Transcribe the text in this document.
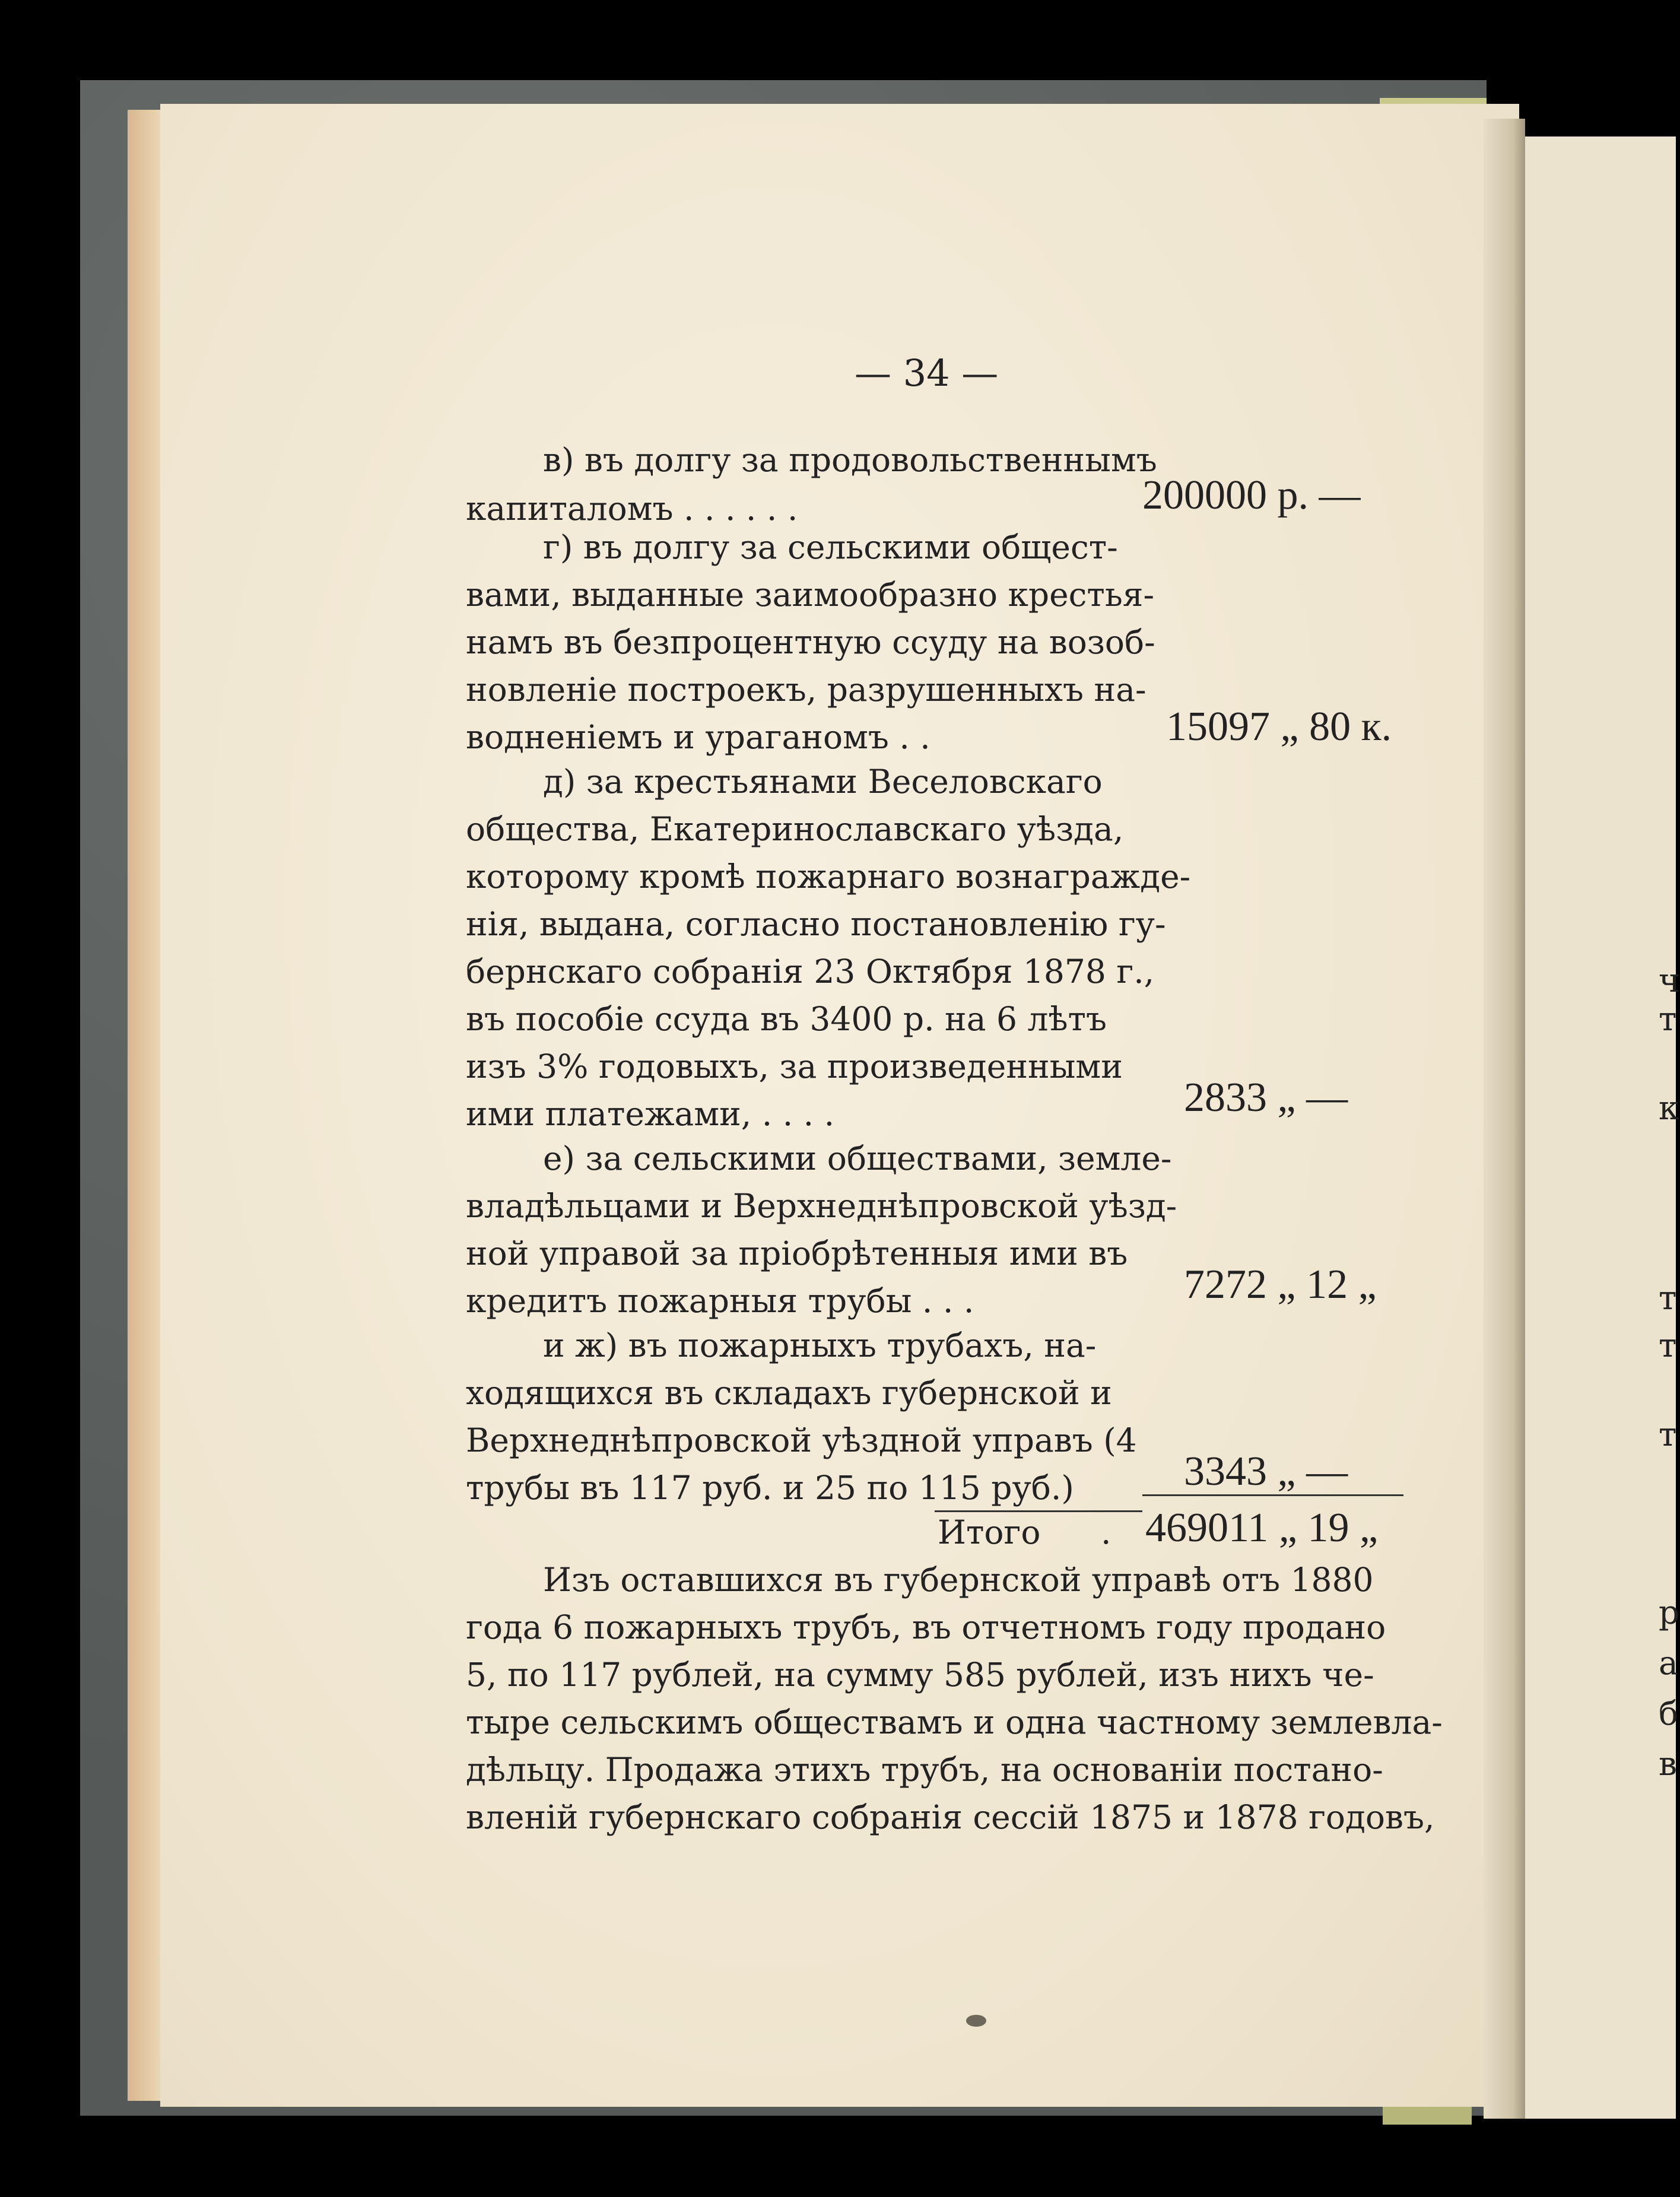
ч
т
к
т
т
т
р
а
б
в
— 34 —
в) въ долгу за продовольственнымъ
капиталомъ . . . . . .	200000 р. —
г) въ долгу за сельскими общест-
вами, выданные заимообразно крестья-
намъ въ безпроцентную ссуду на возоб-
новленіе построекъ, разрушенныхъ на-
водненіемъ и ураганомъ . .	15097 „ 80 к.
д) за крестьянами Веселовскаго
общества, Екатеринославскаго уѣзда,
которому кромѣ пожарнаго вознагражде-
нія, выдана, согласно постановленію гу-
бернскаго собранія 23 Октября 1878 г.,
въ пособіе ссуда въ 3400 р. на 6 лѣтъ
изъ 3% годовыхъ, за произведенными
ими платежами, . . . .	2833 „ —
е) за сельскими обществами, земле-
владѣльцами и Верхнеднѣпровской уѣзд-
ной управой за пріобрѣтенныя ими въ
кредитъ пожарныя трубы . . .	7272 „ 12 „
и ж) въ пожарныхъ трубахъ, на-
ходящихся въ складахъ губернской и
Верхнеднѣпровской уѣздной управъ (4
трубы въ 117 руб. и 25 по 115 руб.)	3343 „ —
Итого . 469011 „ 19 „
Изъ оставшихся въ губернской управѣ отъ 1880
года 6 пожарныхъ трубъ, въ отчетномъ году продано
5, по 117 рублей, на сумму 585 рублей, изъ нихъ че-
тыре сельскимъ обществамъ и одна частному землевла-
дѣльцу. Продажа этихъ трубъ, на основаніи постано-
вленій губернскаго собранія сессій 1875 и 1878 годовъ,
